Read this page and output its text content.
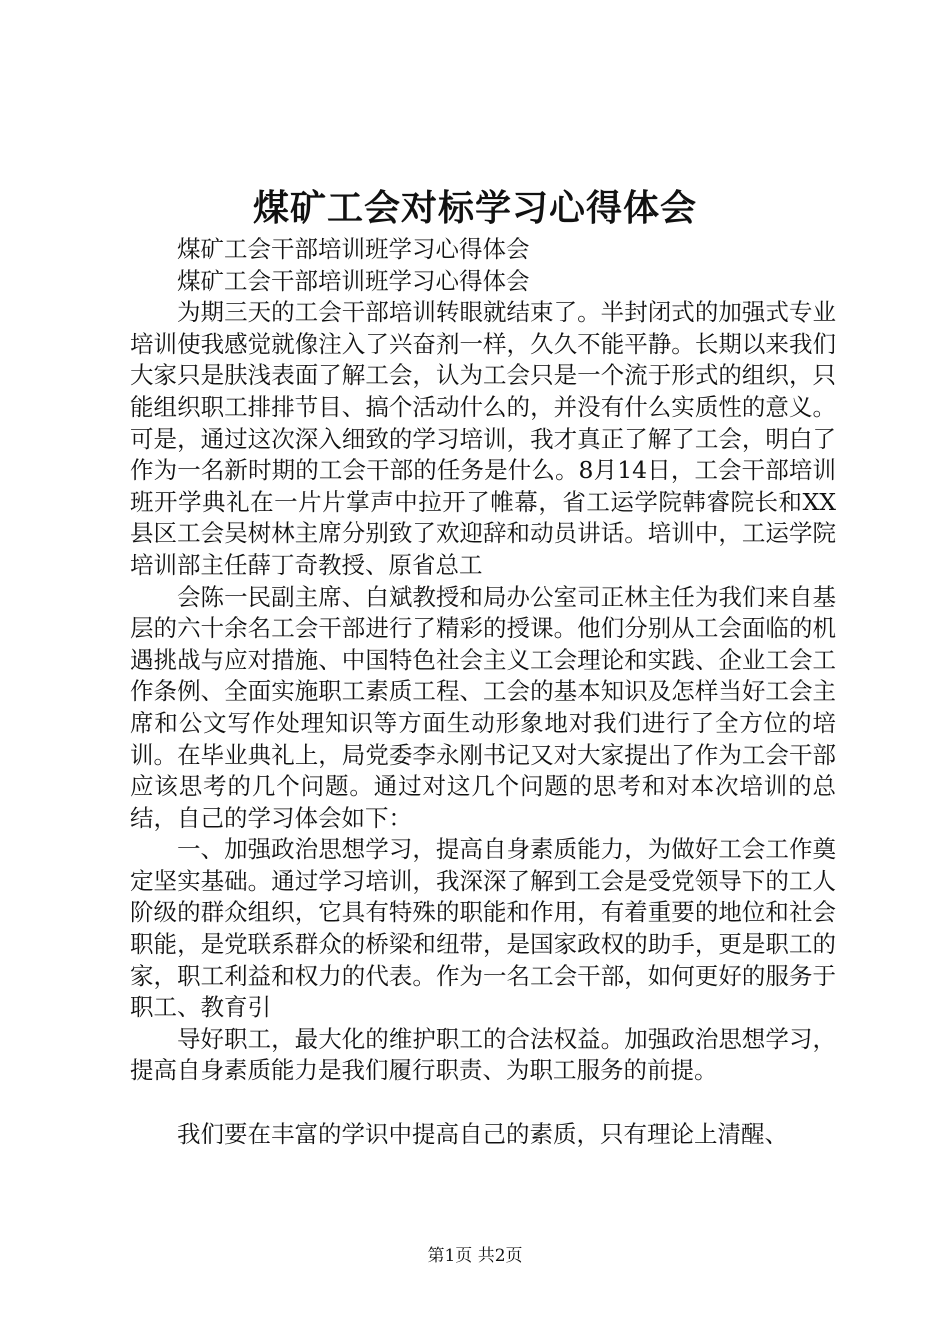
煤矿工会对标学习心得体会

煤矿工会干部培训班学习心得体会

煤矿工会干部培训班学习心得体会

为期三天的工会干部培训转眼就结束了。半封闭式的加强式专业培训使我感觉就像注入了兴奋剂一样，久久不能平静。长期以来我们大家只是肤浅表面了解工会，认为工会只是一个流于形式的组织，只能组织职工排排节目、搞个活动什么的，并没有什么实质性的意义。可是，通过这次深入细致的学习培训，我才真正了解了工会，明白了作为一名新时期的工会干部的任务是什么。8月14日，工会干部培训班开学典礼在一片片掌声中拉开了帷幕，省工运学院韩睿院长和XX县区工会吴树林主席分别致了欢迎辞和动员讲话。培训中，工运学院培训部主任薛丁奇教授、原省总工

会陈一民副主席、白斌教授和局办公室司正林主任为我们来自基层的六十余名工会干部进行了精彩的授课。他们分别从工会面临的机遇挑战与应对措施、中国特色社会主义工会理论和实践、企业工会工作条例、全面实施职工素质工程、工会的基本知识及怎样当好工会主席和公文写作处理知识等方面生动形象地对我们进行了全方位的培训。在毕业典礼上，局党委李永刚书记又对大家提出了作为工会干部应该思考的几个问题。通过对这几个问题的思考和对本次培训的总结，自己的学习体会如下：

一、加强政治思想学习，提高自身素质能力，为做好工会工作奠定坚实基础。通过学习培训，我深深了解到工会是受党领导下的工人阶级的群众组织，它具有特殊的职能和作用，有着重要的地位和社会职能，是党联系群众的桥梁和纽带，是国家政权的助手，更是职工的家，职工利益和权力的代表。作为一名工会干部，如何更好的服务于职工、教育引

导好职工，最大化的维护职工的合法权益。加强政治思想学习，提高自身素质能力是我们履行职责、为职工服务的前提。

我们要在丰富的学识中提高自己的素质，只有理论上清醒、

第1页 共2页
